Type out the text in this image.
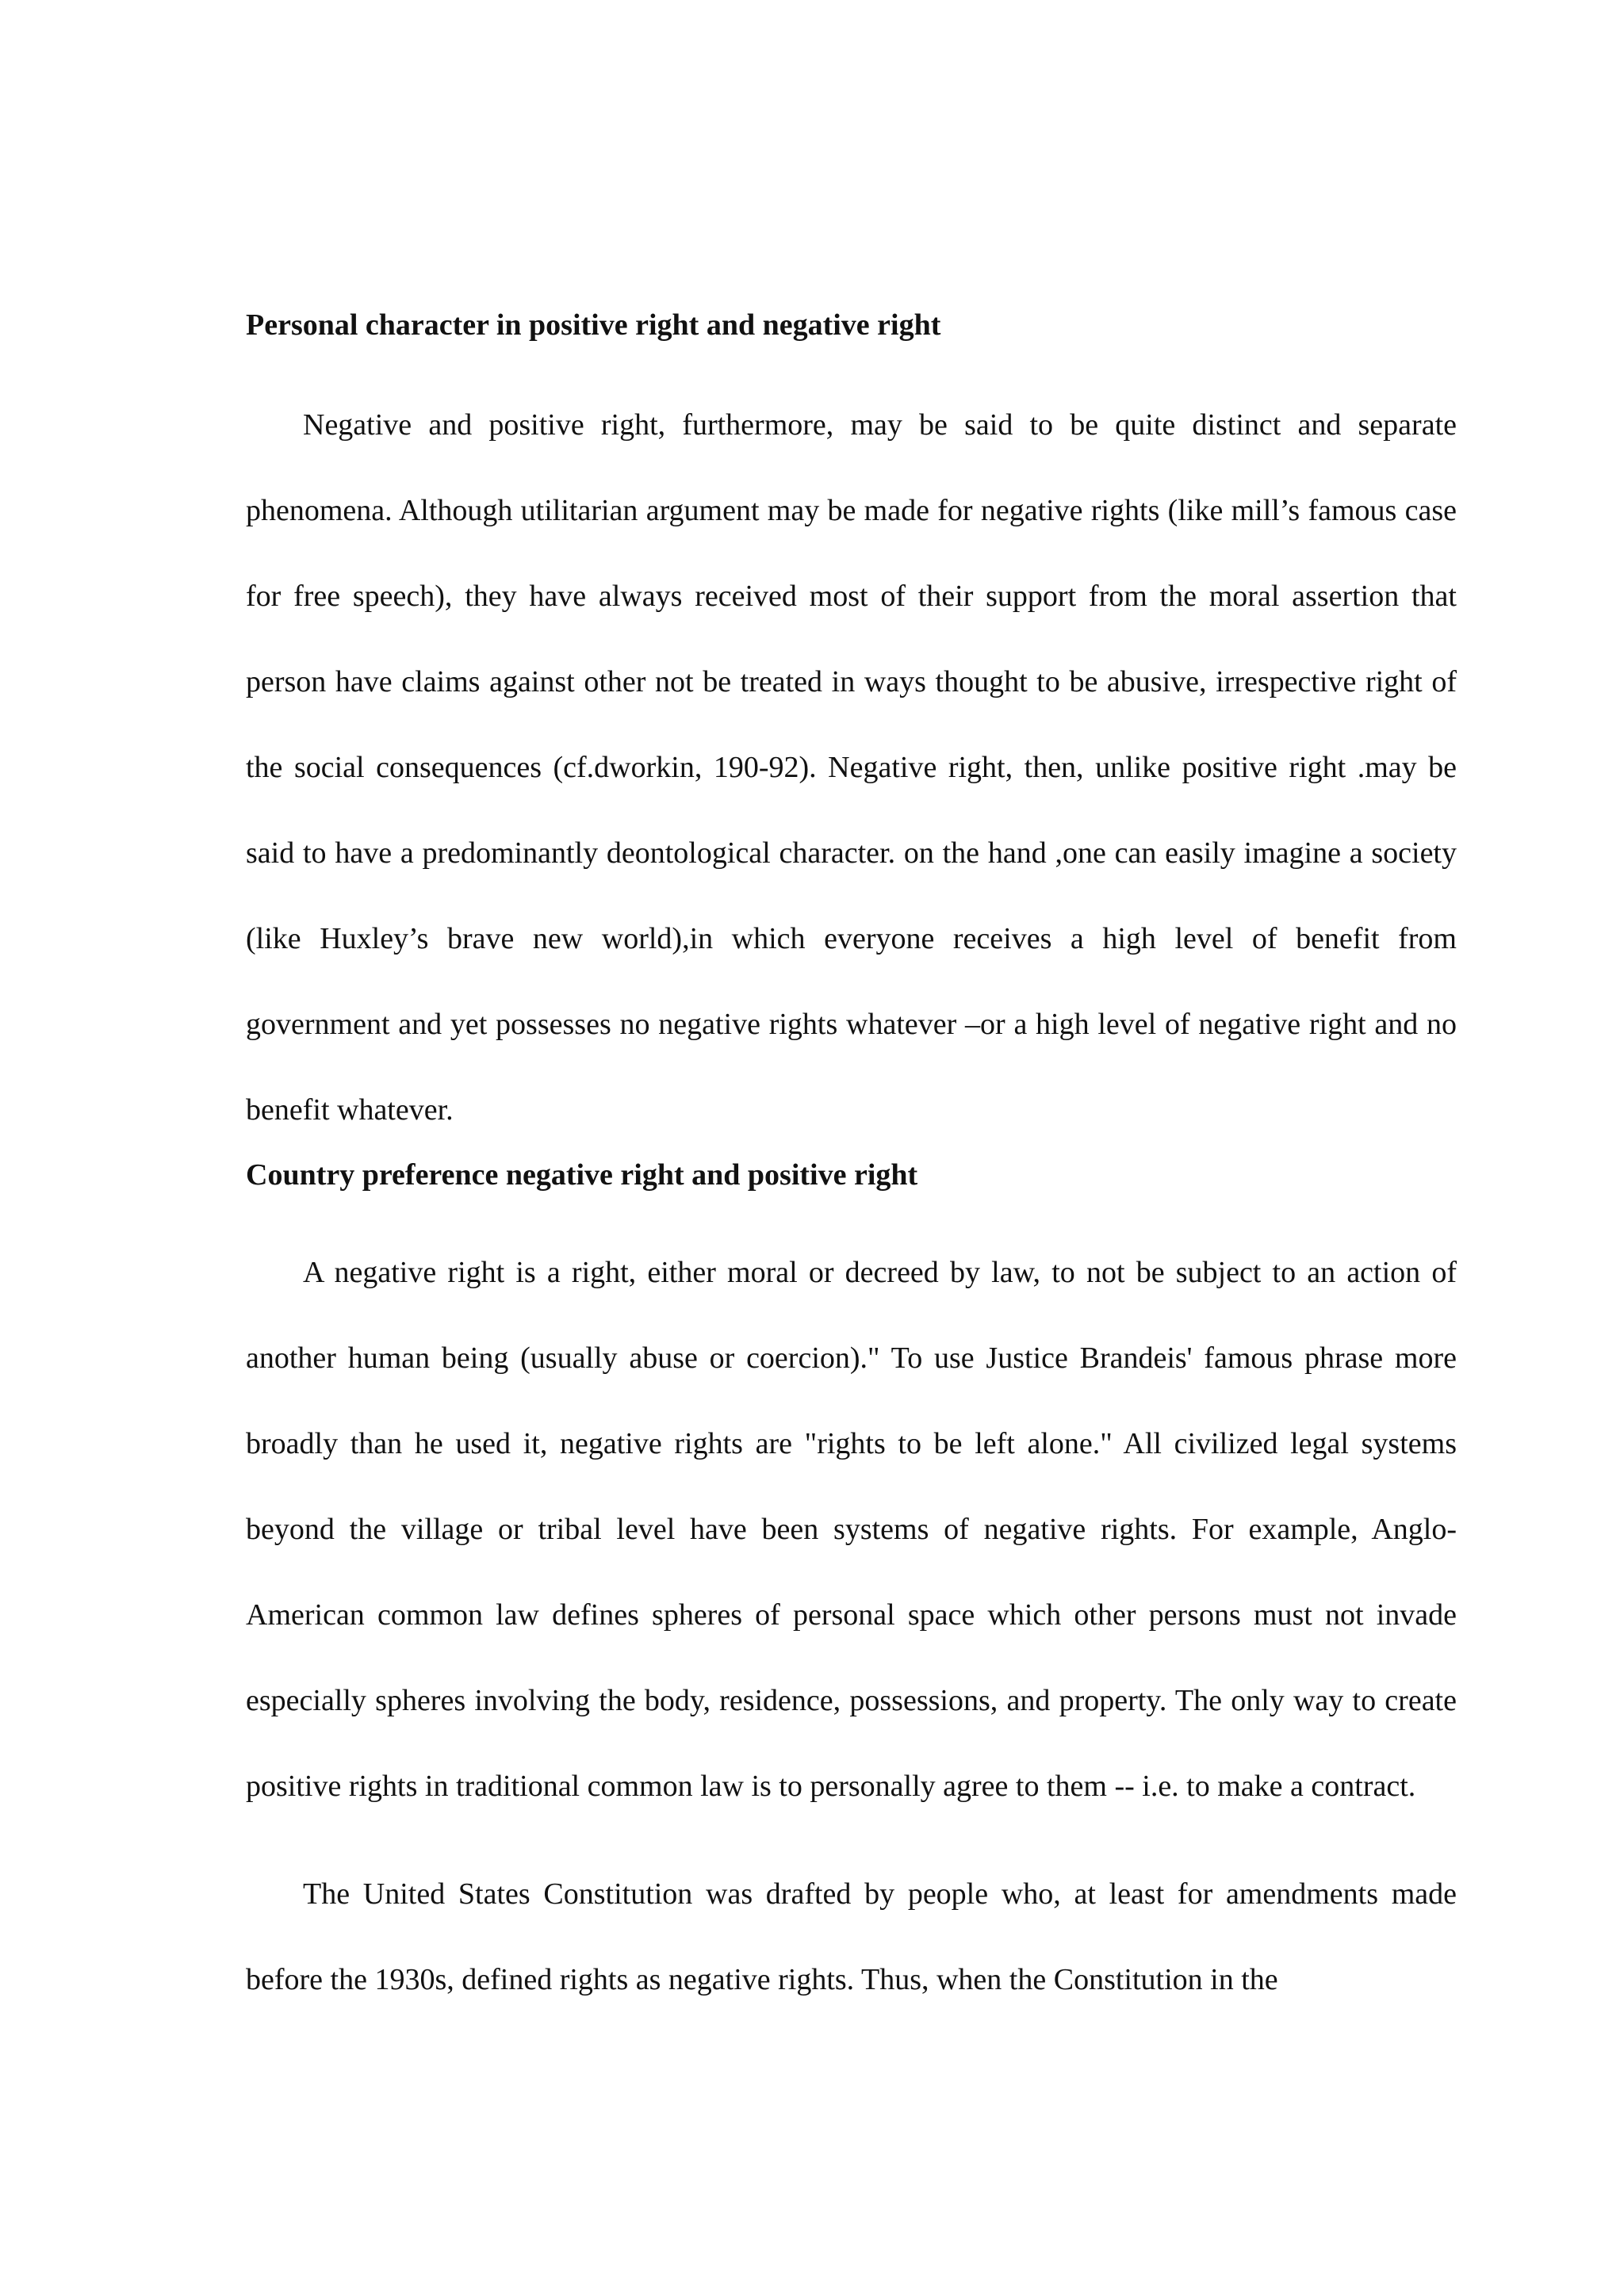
Personal character in positive right and negative right

Negative and positive right, furthermore, may be said to be quite distinct and separate phenomena. Although utilitarian argument may be made for negative rights (like mill’s famous case for free speech), they have always received most of their support from the moral assertion that person have claims against other not be treated in ways thought to be abusive, irrespective right of the social consequences (cf.dworkin, 190-92). Negative right, then, unlike positive right .may be said to have a predominantly deontological character. on the hand ,one can easily imagine a society (like Huxley’s brave new world),in which everyone receives a high level of benefit from government and yet possesses no negative rights whatever –or a high level of negative right and no benefit whatever.

Country preference negative right and positive right

A negative right is a right, either moral or decreed by law, to not be subject to an action of another human being (usually abuse or coercion)." To use Justice Brandeis' famous phrase more broadly than he used it, negative rights are "rights to be left alone." All civilized legal systems beyond the village or tribal level have been systems of negative rights. For example, Anglo-American common law defines spheres of personal space which other persons must not invade especially spheres involving the body, residence, possessions, and property. The only way to create positive rights in traditional common law is to personally agree to them -- i.e. to make a contract.

The United States Constitution was drafted by people who, at least for amendments made before the 1930s, defined rights as negative rights. Thus, when the Constitution in the
